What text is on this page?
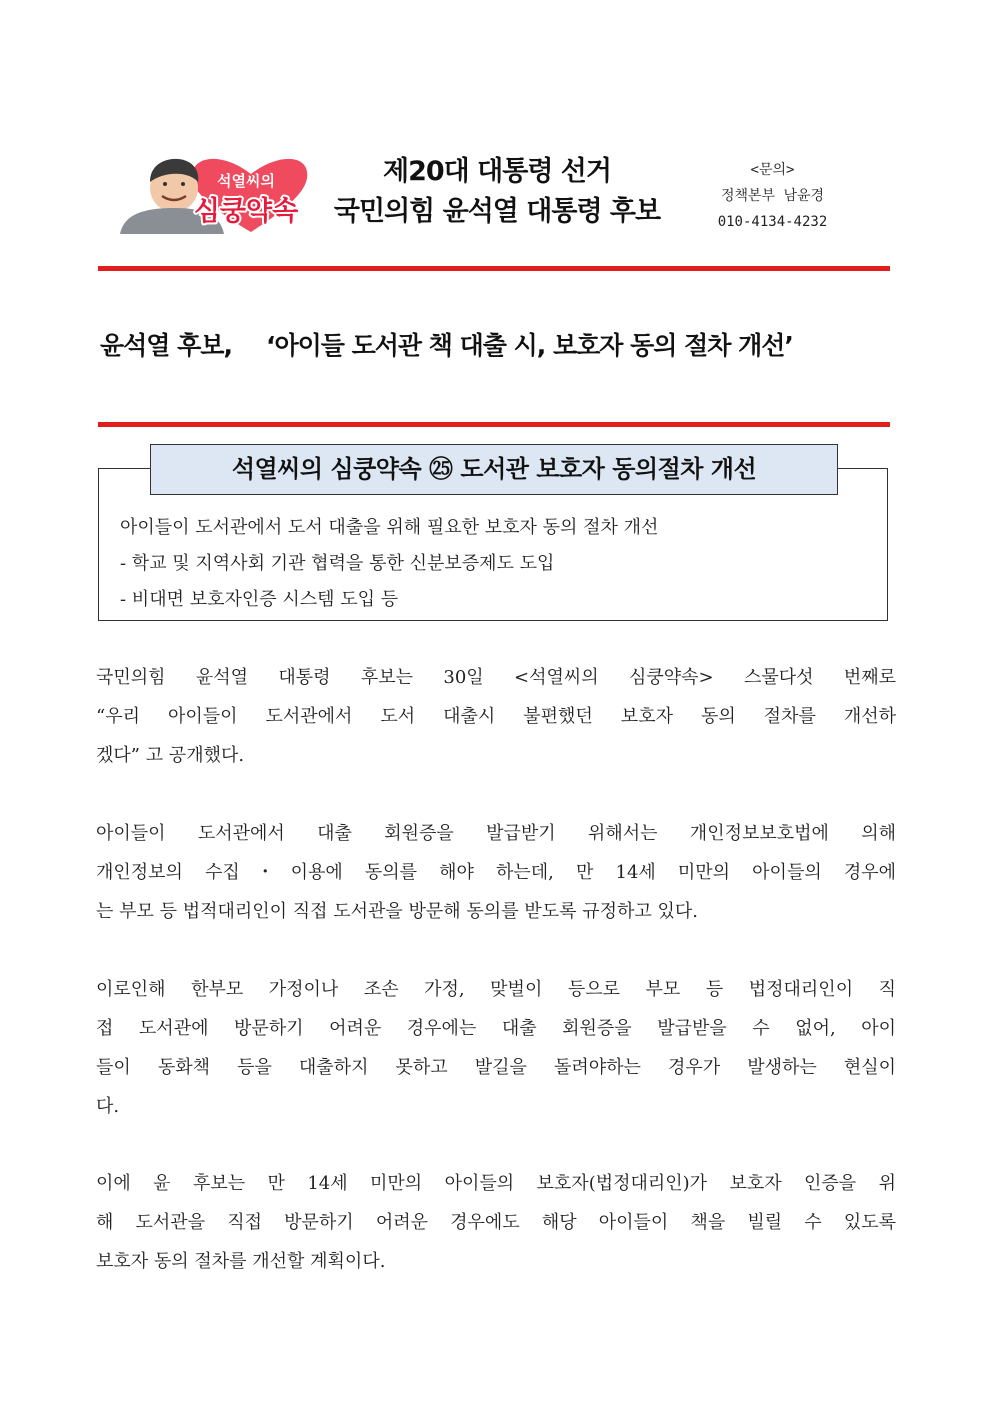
석열씨의
심쿵약속
제20대 대통령 선거
국민의힘 윤석열 대통령 후보
<문의>
정책본부 남윤경
010-4134-4232
윤석열 후보, ‘아이들 도서관 책 대출 시, 보호자 동의 절차 개선’
석열씨의 심쿵약속 ㉕ 도서관 보호자 동의절차 개선
아이들이 도서관에서 도서 대출을 위해 필요한 보호자 동의 절차 개선
- 학교 및 지역사회 기관 협력을 통한 신분보증제도 도입
- 비대면 보호자인증 시스템 도입 등
국민의힘 윤석열 대통령 후보는 30일 <석열씨의 심쿵약속> 스물다섯 번째로
“우리 아이들이 도서관에서 도서 대출시 불편했던 보호자 동의 절차를 개선하
겠다” 고 공개했다.
아이들이 도서관에서 대출 회원증을 발급받기 위해서는 개인정보보호법에 의해
개인정보의 수집・이용에 동의를 해야 하는데, 만 14세 미만의 아이들의 경우에
는 부모 등 법적대리인이 직접 도서관을 방문해 동의를 받도록 규정하고 있다.
이로인해 한부모 가정이나 조손 가정, 맞벌이 등으로 부모 등 법정대리인이 직
접 도서관에 방문하기 어려운 경우에는 대출 회원증을 발급받을 수 없어, 아이
들이 동화책 등을 대출하지 못하고 발길을 돌려야하는 경우가 발생하는 현실이
다.
이에 윤 후보는 만 14세 미만의 아이들의 보호자(법정대리인)가 보호자 인증을 위
해 도서관을 직접 방문하기 어려운 경우에도 해당 아이들이 책을 빌릴 수 있도록
보호자 동의 절차를 개선할 계획이다.
